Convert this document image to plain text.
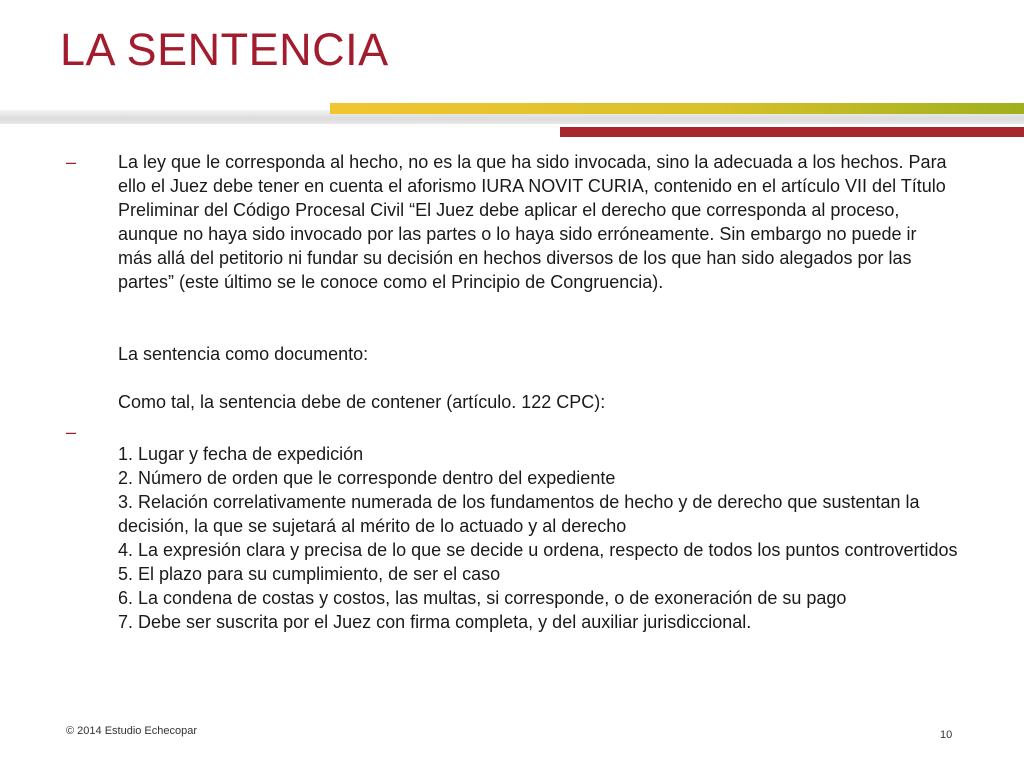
LA SENTENCIA
–	La ley que le corresponda al hecho, no es la que ha sido invocada, sino la adecuada a los hechos. Para ello el Juez debe tener en cuenta el aforismo IURA NOVIT CURIA, contenido en el artículo VII del Título Preliminar del Código Procesal Civil “El Juez debe aplicar el derecho que corresponda al proceso, aunque no haya sido invocado por las partes o lo haya sido erróneamente. Sin embargo no puede ir más allá del petitorio ni fundar su decisión en hechos diversos de los que han sido alegados por las partes” (este último se le conoce como el Principio de Congruencia).

La sentencia como documento:

Como tal, la sentencia debe de contener (artículo. 122 CPC):

–
1. Lugar y fecha de expedición
2. Número de orden que le corresponde dentro del expediente
3. Relación correlativamente numerada de los fundamentos de hecho y de derecho que sustentan la decisión, la que se sujetará al mérito de lo actuado y al derecho
4. La expresión clara y precisa de lo que se decide u ordena, respecto de todos los puntos controvertidos
5. El plazo para su cumplimiento, de ser el caso
6. La condena de costas y costos, las multas, si corresponde, o de exoneración de su pago
7. Debe ser suscrita por el Juez con firma completa, y del auxiliar jurisdiccional.
© 2014 Estudio Echecopar	10
